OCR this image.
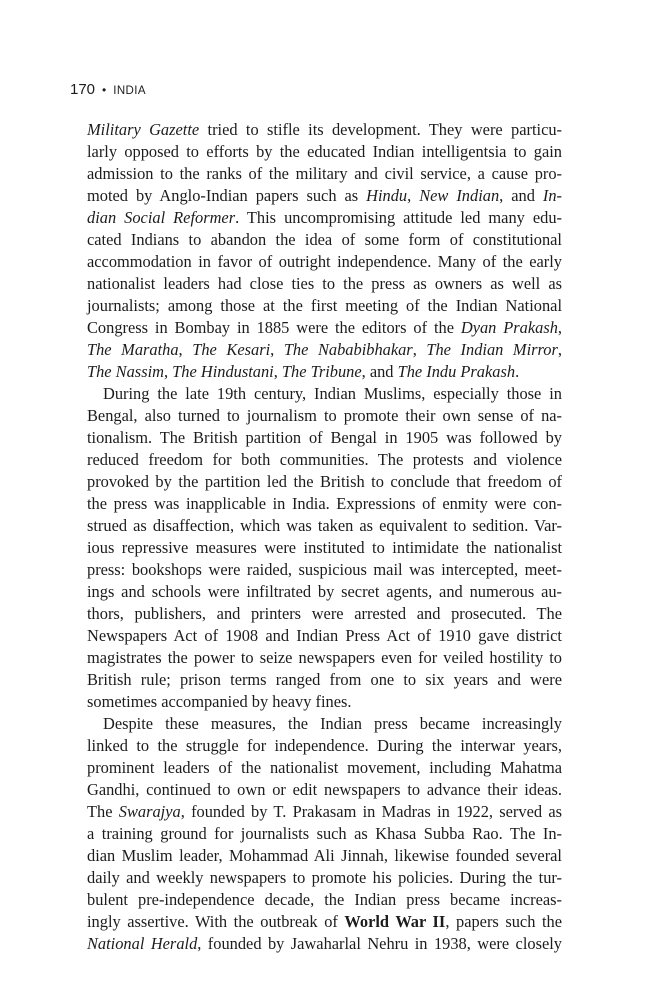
170 • INDIA
Military Gazette tried to stifle its development. They were particu-
larly opposed to efforts by the educated Indian intelligentsia to gain
admission to the ranks of the military and civil service, a cause pro-
moted by Anglo-Indian papers such as Hindu, New Indian, and In-
dian Social Reformer. This uncompromising attitude led many edu-
cated Indians to abandon the idea of some form of constitutional
accommodation in favor of outright independence. Many of the early
nationalist leaders had close ties to the press as owners as well as
journalists; among those at the first meeting of the Indian National
Congress in Bombay in 1885 were the editors of the Dyan Prakash,
The Maratha, The Kesari, The Nababibhakar, The Indian Mirror,
The Nassim, The Hindustani, The Tribune, and The Indu Prakash.
During the late 19th century, Indian Muslims, especially those in
Bengal, also turned to journalism to promote their own sense of na-
tionalism. The British partition of Bengal in 1905 was followed by
reduced freedom for both communities. The protests and violence
provoked by the partition led the British to conclude that freedom of
the press was inapplicable in India. Expressions of enmity were con-
strued as disaffection, which was taken as equivalent to sedition. Var-
ious repressive measures were instituted to intimidate the nationalist
press: bookshops were raided, suspicious mail was intercepted, meet-
ings and schools were infiltrated by secret agents, and numerous au-
thors, publishers, and printers were arrested and prosecuted. The
Newspapers Act of 1908 and Indian Press Act of 1910 gave district
magistrates the power to seize newspapers even for veiled hostility to
British rule; prison terms ranged from one to six years and were
sometimes accompanied by heavy fines.
Despite these measures, the Indian press became increasingly
linked to the struggle for independence. During the interwar years,
prominent leaders of the nationalist movement, including Mahatma
Gandhi, continued to own or edit newspapers to advance their ideas.
The Swarajya, founded by T. Prakasam in Madras in 1922, served as
a training ground for journalists such as Khasa Subba Rao. The In-
dian Muslim leader, Mohammad Ali Jinnah, likewise founded several
daily and weekly newspapers to promote his policies. During the tur-
bulent pre-independence decade, the Indian press became increas-
ingly assertive. With the outbreak of World War II, papers such the
National Herald, founded by Jawaharlal Nehru in 1938, were closely
